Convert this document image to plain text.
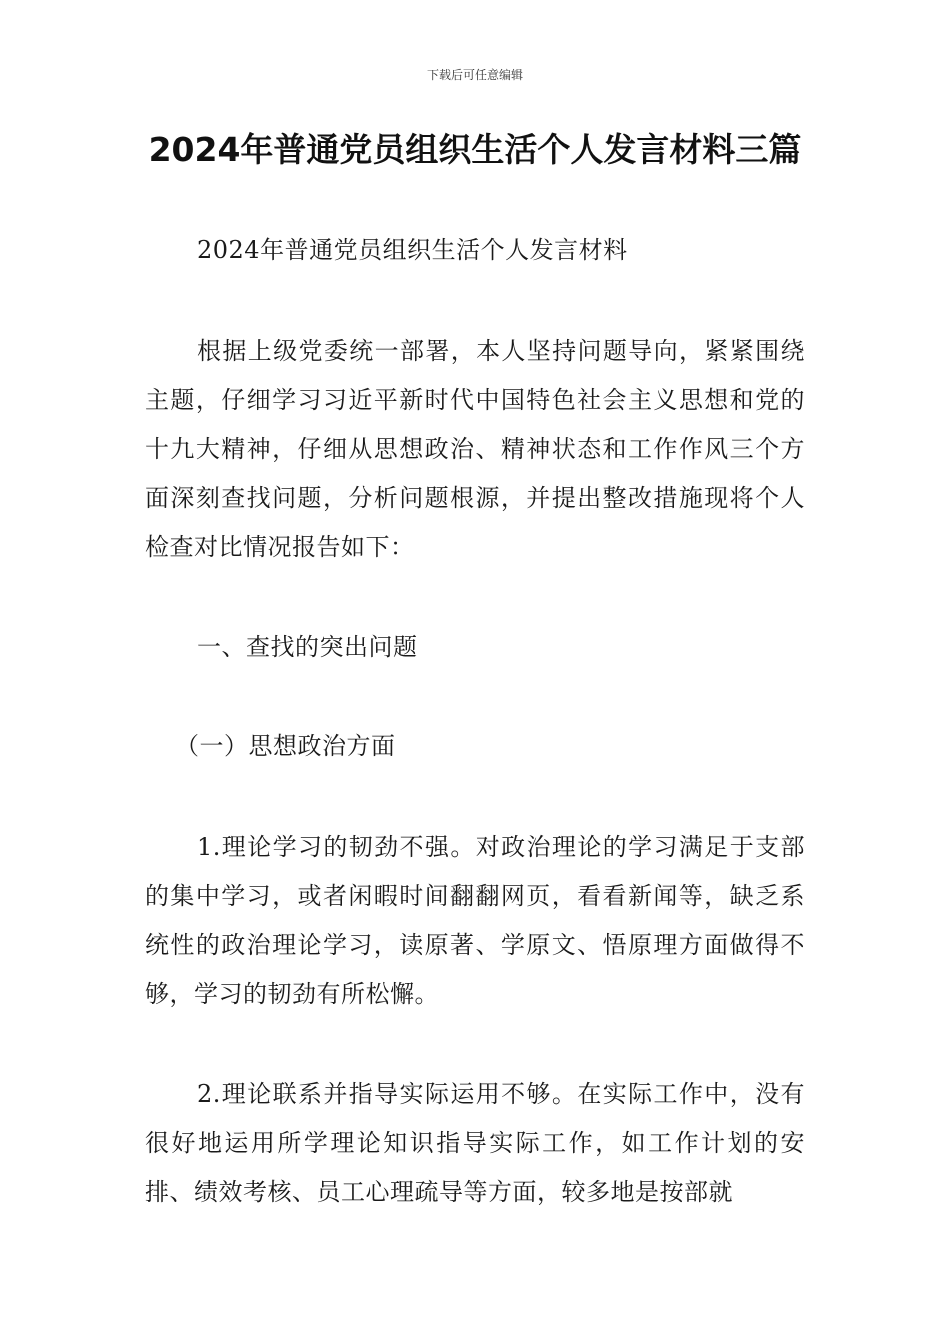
下载后可任意编辑
2024年普通党员组织生活个人发言材料三篇

2024年普通党员组织生活个人发言材料

根据上级党委统一部署，本人坚持问题导向，紧紧围绕主题，仔细学习习近平新时代中国特色社会主义思想和党的十九大精神，仔细从思想政治、精神状态和工作作风三个方面深刻查找问题，分析问题根源，并提出整改措施现将个人检查对比情况报告如下：

一、查找的突出问题

（一）思想政治方面

1.理论学习的韧劲不强。对政治理论的学习满足于支部的集中学习，或者闲暇时间翻翻网页，看看新闻等，缺乏系统性的政治理论学习，读原著、学原文、悟原理方面做得不够，学习的韧劲有所松懈。

2.理论联系并指导实际运用不够。在实际工作中，没有很好地运用所学理论知识指导实际工作，如工作计划的安排、绩效考核、员工心理疏导等方面，较多地是按部就
